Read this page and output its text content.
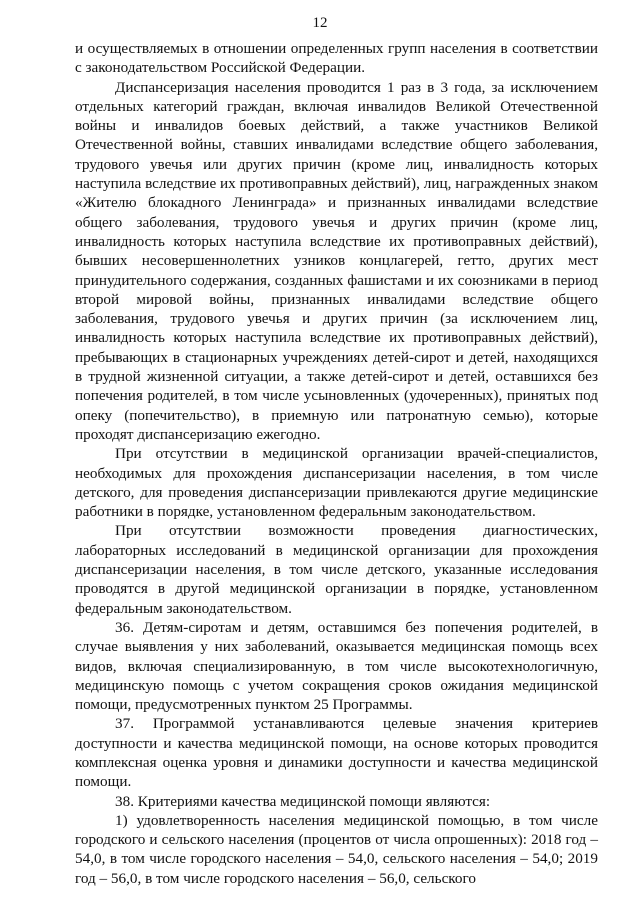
12

и осуществляемых в отношении определенных групп населения в соответствии с законодательством Российской Федерации.

Диспансеризация населения проводится 1 раз в 3 года, за исключением отдельных категорий граждан, включая инвалидов Великой Отечественной войны и инвалидов боевых действий, а также участников Великой Отечественной войны, ставших инвалидами вследствие общего заболевания, трудового увечья или других причин (кроме лиц, инвалидность которых наступила вследствие их противоправных действий), лиц, награжденных знаком «Жителю блокадного Ленинграда» и признанных инвалидами вследствие общего заболевания, трудового увечья и других причин (кроме лиц, инвалидность которых наступила вследствие их противоправных действий), бывших несовершеннолетних узников концлагерей, гетто, других мест принудительного содержания, созданных фашистами и их союзниками в период второй мировой войны, признанных инвалидами вследствие общего заболевания, трудового увечья и других причин (за исключением лиц, инвалидность которых наступила вследствие их противоправных действий), пребывающих в стационарных учреждениях детей-сирот и детей, находящихся в трудной жизненной ситуации, а также детей-сирот и детей, оставшихся без попечения родителей, в том числе усыновленных (удочеренных), принятых под опеку (попечительство), в приемную или патронатную семью), которые проходят диспансеризацию ежегодно.

При отсутствии в медицинской организации врачей-специалистов, необходимых для прохождения диспансеризации населения, в том числе детского, для проведения диспансеризации привлекаются другие медицинские работники в порядке, установленном федеральным законодательством.

При отсутствии возможности проведения диагностических, лабораторных исследований в медицинской организации для прохождения диспансеризации населения, в том числе детского, указанные исследования проводятся в другой медицинской организации в порядке, установленном федеральным законодательством.

36. Детям-сиротам и детям, оставшимся без попечения родителей, в случае выявления у них заболеваний, оказывается медицинская помощь всех видов, включая специализированную, в том числе высокотехнологичную, медицинскую помощь с учетом сокращения сроков ожидания медицинской помощи, предусмотренных пунктом 25 Программы.

37. Программой устанавливаются целевые значения критериев доступности и качества медицинской помощи, на основе которых проводится комплексная оценка уровня и динамики доступности и качества медицинской помощи.

38. Критериями качества медицинской помощи являются:

1) удовлетворенность населения медицинской помощью, в том числе городского и сельского населения (процентов от числа опрошенных): 2018 год – 54,0, в том числе городского населения – 54,0, сельского населения – 54,0; 2019 год – 56,0, в том числе городского населения – 56,0, сельского
